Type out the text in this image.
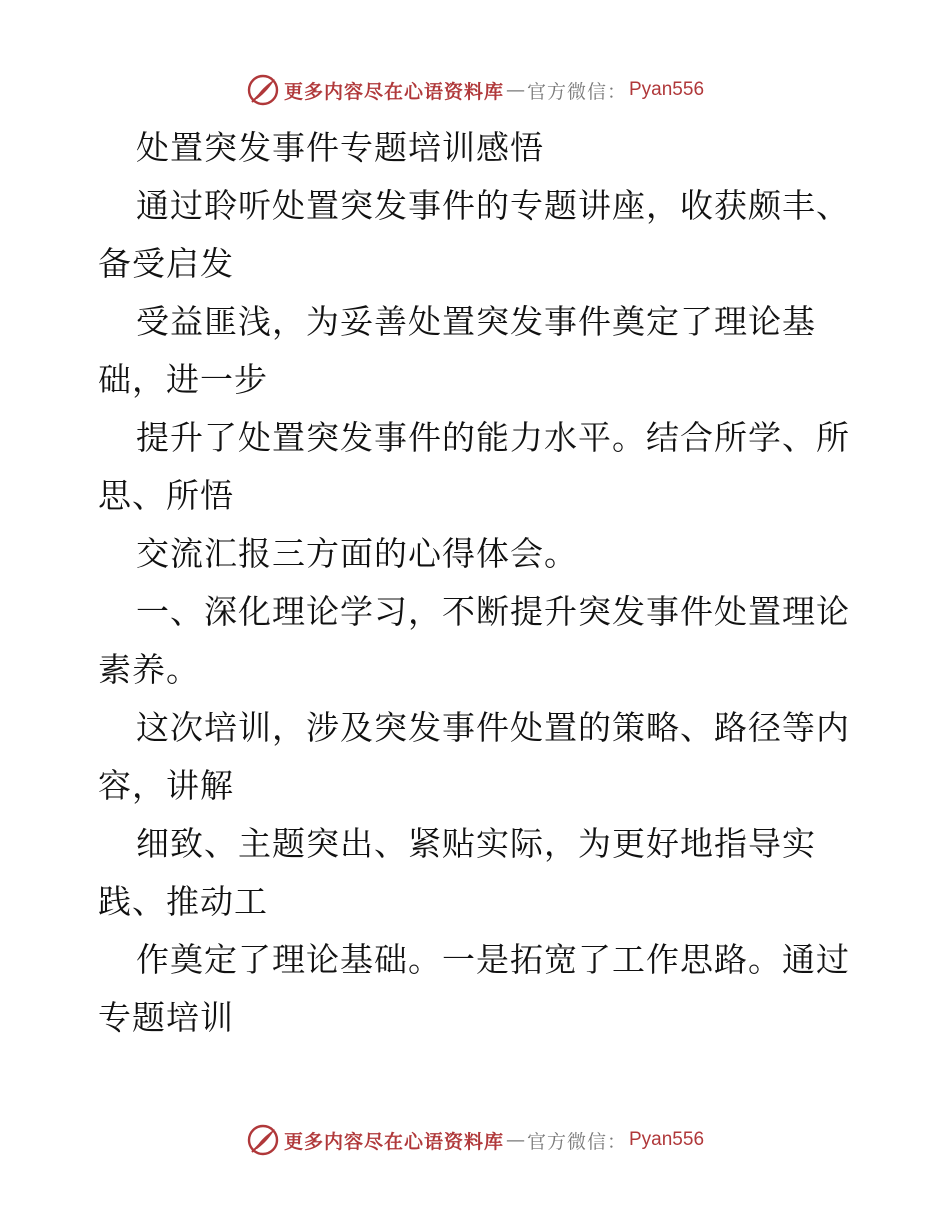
更多内容尽在心语资料库 — 官方微信： Pyan556
处置突发事件专题培训感悟
通过聆听处置突发事件的专题讲座，收获颇丰、
备受启发
受益匪浅，为妥善处置突发事件奠定了理论基
础，进一步
提升了处置突发事件的能力水平。结合所学、所
思、所悟
交流汇报三方面的心得体会。
一、深化理论学习，不断提升突发事件处置理论
素养。
这次培训，涉及突发事件处置的策略、路径等内
容，讲解
细致、主题突出、紧贴实际，为更好地指导实
践、推动工
作奠定了理论基础。一是拓宽了工作思路。通过
专题培训
更多内容尽在心语资料库 — 官方微信： Pyan556
